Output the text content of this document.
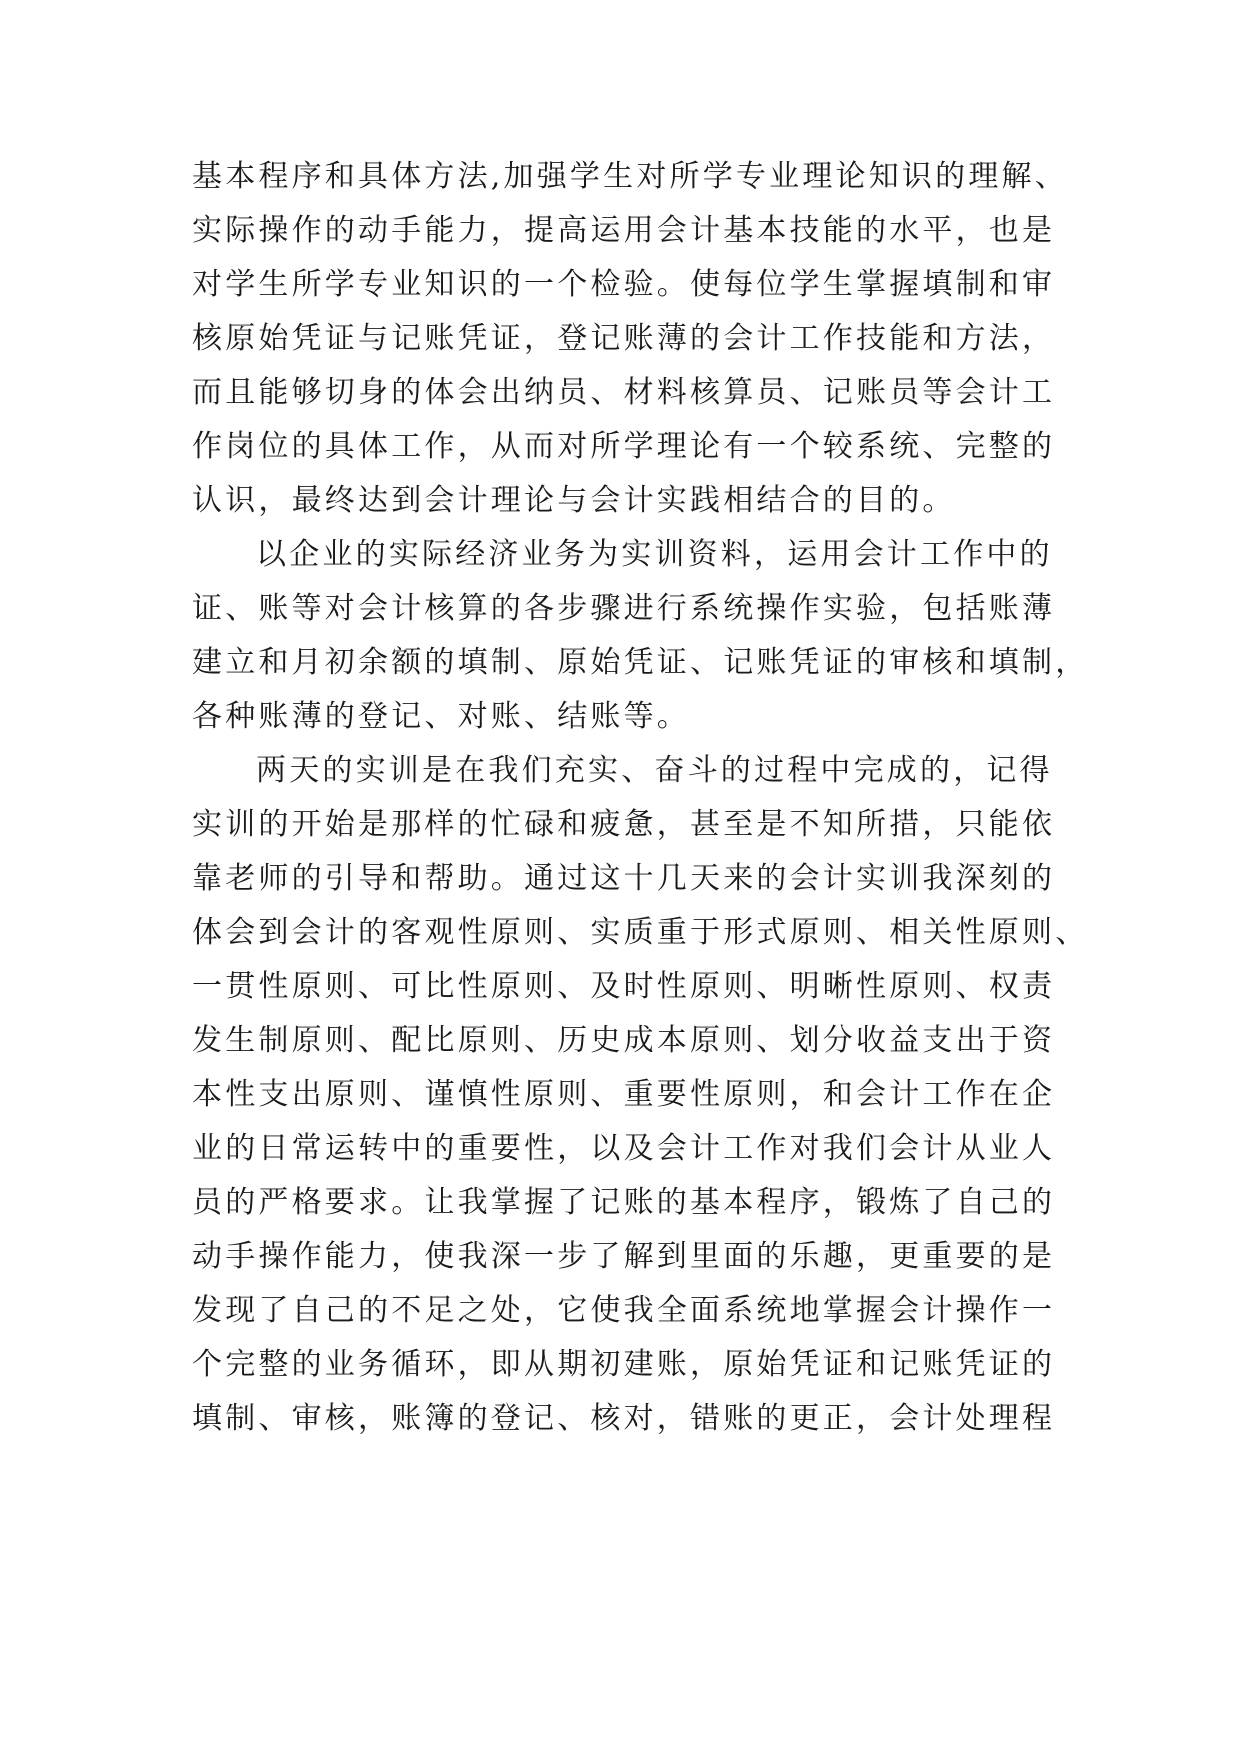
基本程序和具体方法,加强学生对所学专业理论知识的理解、
实际操作的动手能力，提高运用会计基本技能的水平，也是
对学生所学专业知识的一个检验。使每位学生掌握填制和审
核原始凭证与记账凭证，登记账薄的会计工作技能和方法，
而且能够切身的体会出纳员、材料核算员、记账员等会计工
作岗位的具体工作，从而对所学理论有一个较系统、完整的
认识，最终达到会计理论与会计实践相结合的目的。
以企业的实际经济业务为实训资料，运用会计工作中的
证、账等对会计核算的各步骤进行系统操作实验，包括账薄
建立和月初余额的填制、原始凭证、记账凭证的审核和填制，
各种账薄的登记、对账、结账等。
两天的实训是在我们充实、奋斗的过程中完成的，记得
实训的开始是那样的忙碌和疲惫，甚至是不知所措，只能依
靠老师的引导和帮助。通过这十几天来的会计实训我深刻的
体会到会计的客观性原则、实质重于形式原则、相关性原则、
一贯性原则、可比性原则、及时性原则、明晰性原则、权责
发生制原则、配比原则、历史成本原则、划分收益支出于资
本性支出原则、谨慎性原则、重要性原则，和会计工作在企
业的日常运转中的重要性，以及会计工作对我们会计从业人
员的严格要求。让我掌握了记账的基本程序，锻炼了自己的
动手操作能力，使我深一步了解到里面的乐趣，更重要的是
发现了自己的不足之处，它使我全面系统地掌握会计操作一
个完整的业务循环，即从期初建账，原始凭证和记账凭证的
填制、审核，账簿的登记、核对，错账的更正，会计处理程
